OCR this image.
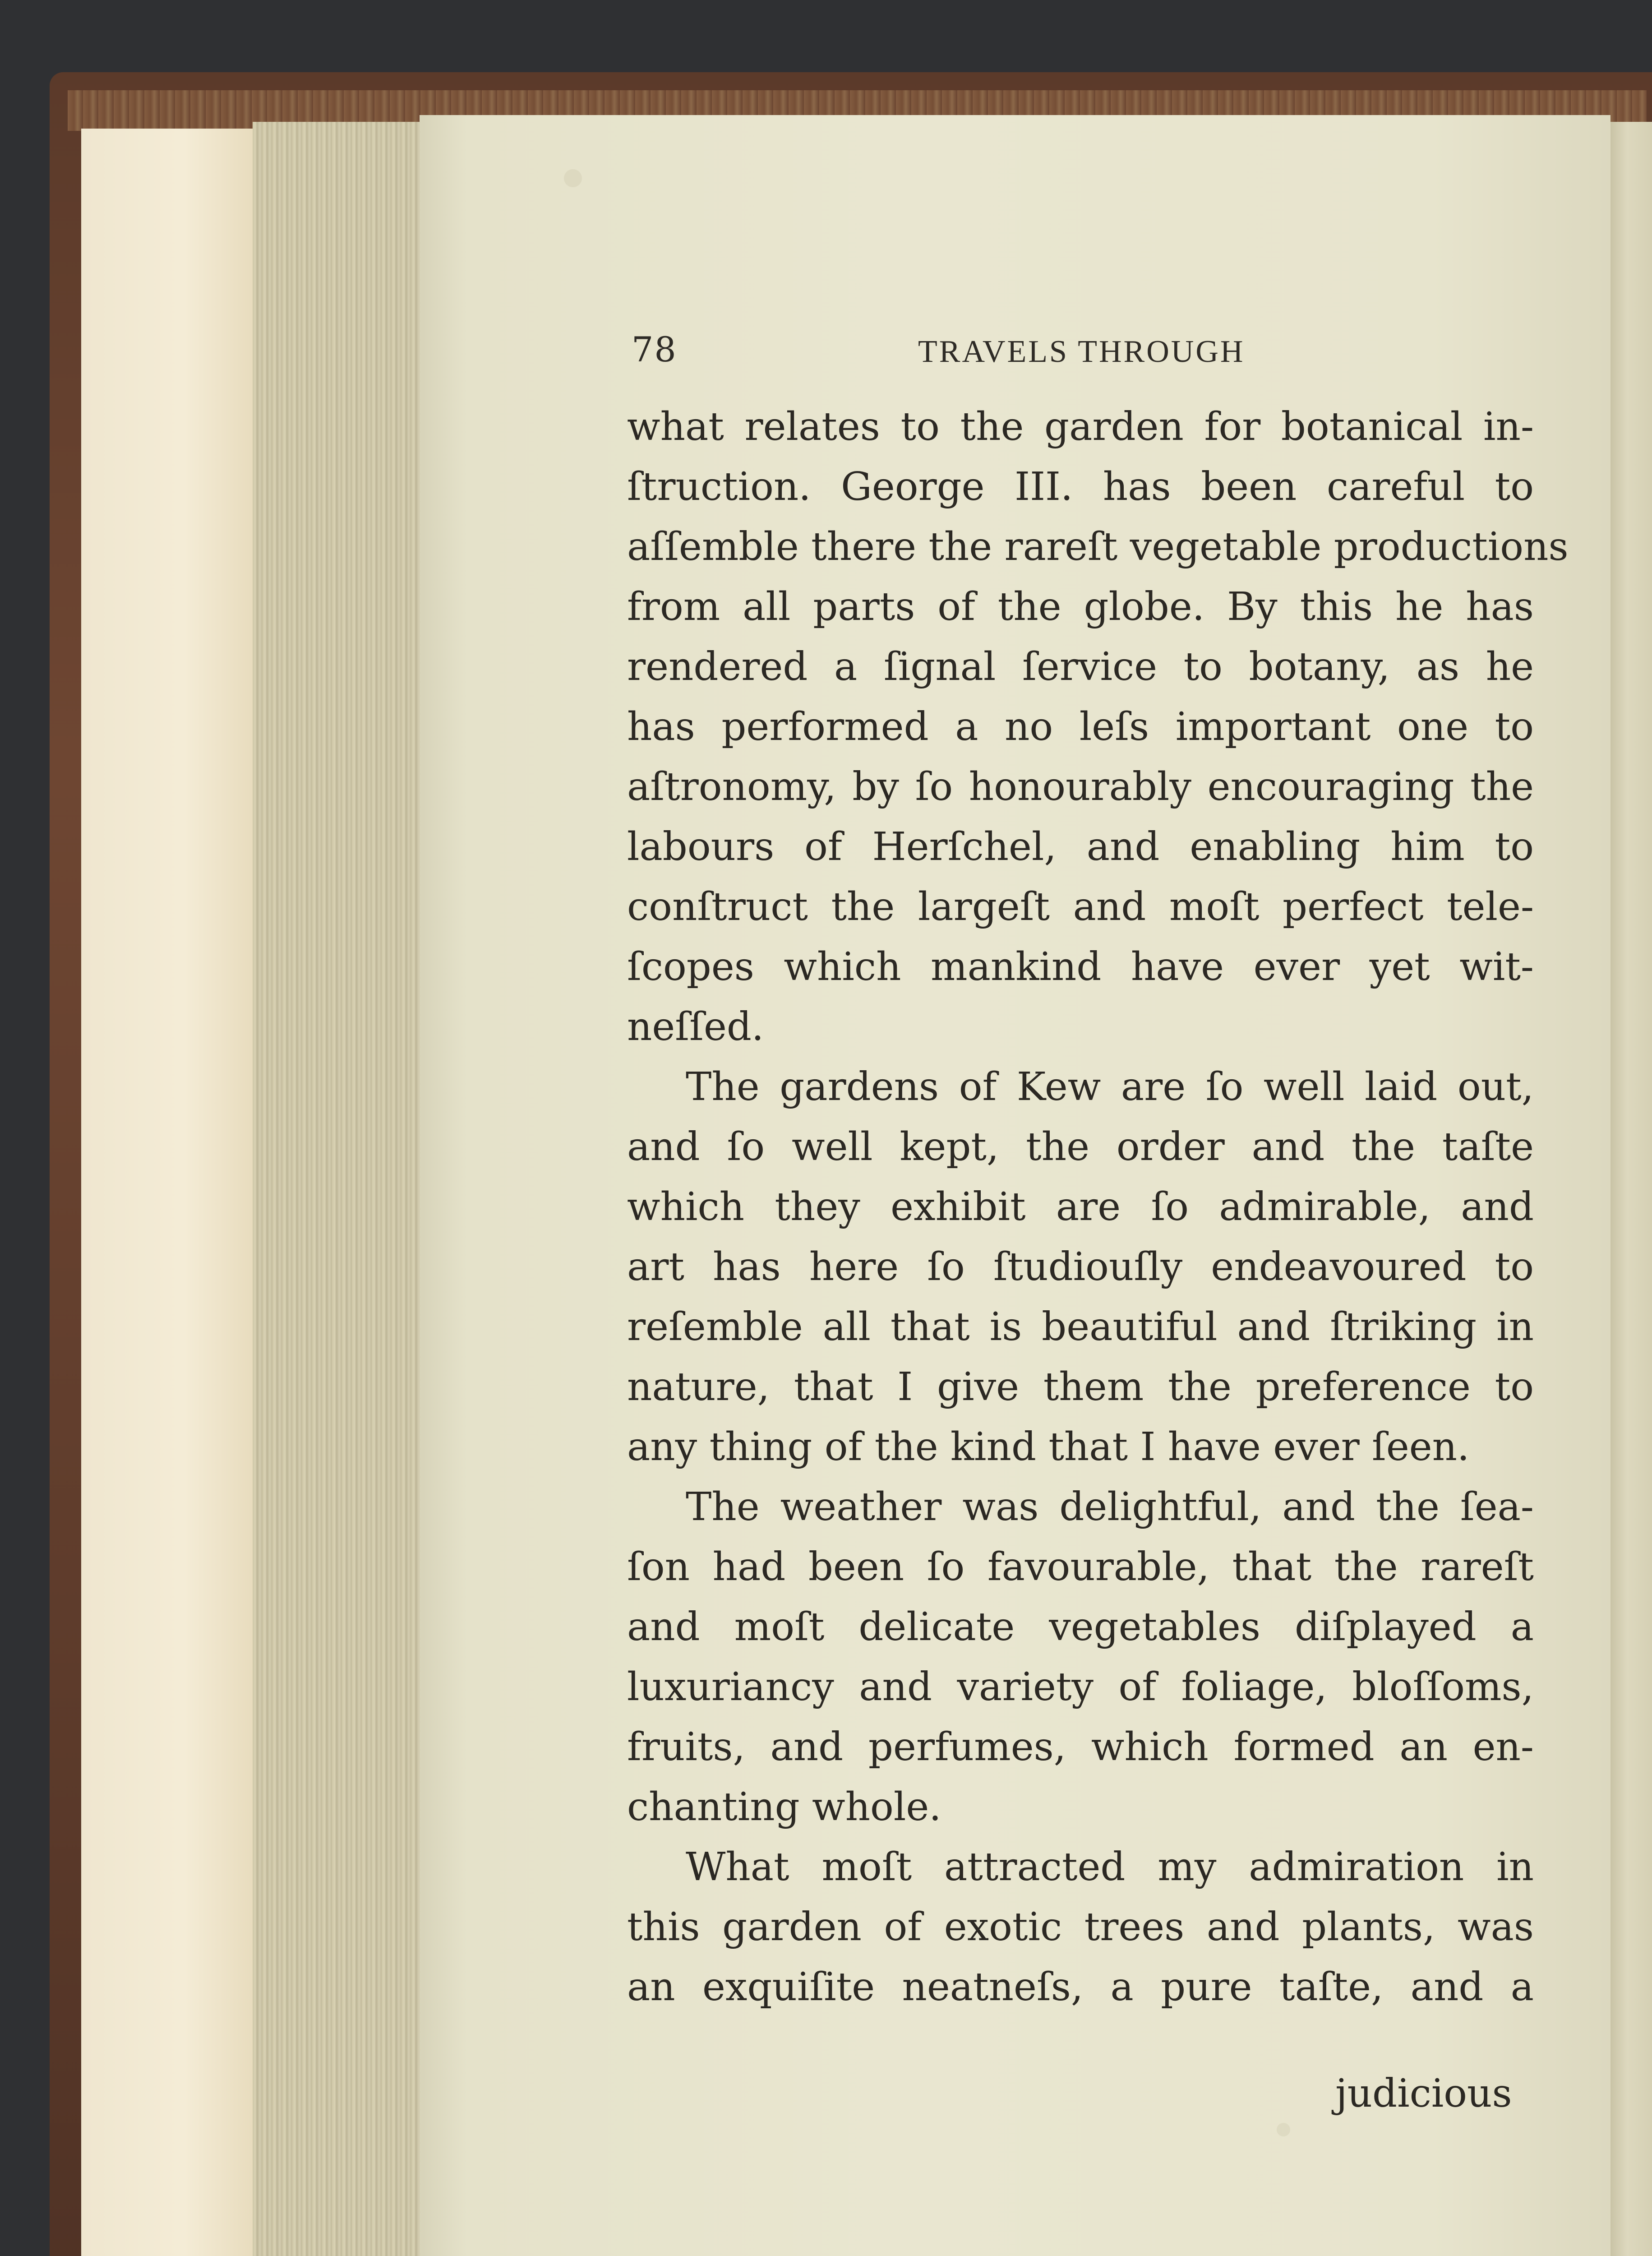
78	TRAVELS THROUGH
what relates to the garden for botanical in-
ſtruction. George III. has been careful to
aſſemble there the rareſt vegetable productions
from all parts of the globe. By this he has
rendered a ſignal ſervice to botany, as he
has performed a no leſs important one to
aſtronomy, by ſo honourably encouraging the
labours of Herſchel, and enabling him to
conſtruct the largeſt and moſt perfect tele-
ſcopes which mankind have ever yet wit-
neſſed.
The gardens of Kew are ſo well laid out,
and ſo well kept, the order and the taſte
which they exhibit are ſo admirable, and
art has here ſo ſtudiouſly endeavoured to
reſemble all that is beautiful and ſtriking in
nature, that I give them the preference to
any thing of the kind that I have ever ſeen.
The weather was delightful, and the ſea-
ſon had been ſo favourable, that the rareſt
and moſt delicate vegetables diſplayed a
luxuriancy and variety of foliage, bloſſoms,
fruits, and perfumes, which formed an en-
chanting whole.
What moſt attracted my admiration in
this garden of exotic trees and plants, was
an exquiſite neatneſs, a pure taſte, and a
judicious
